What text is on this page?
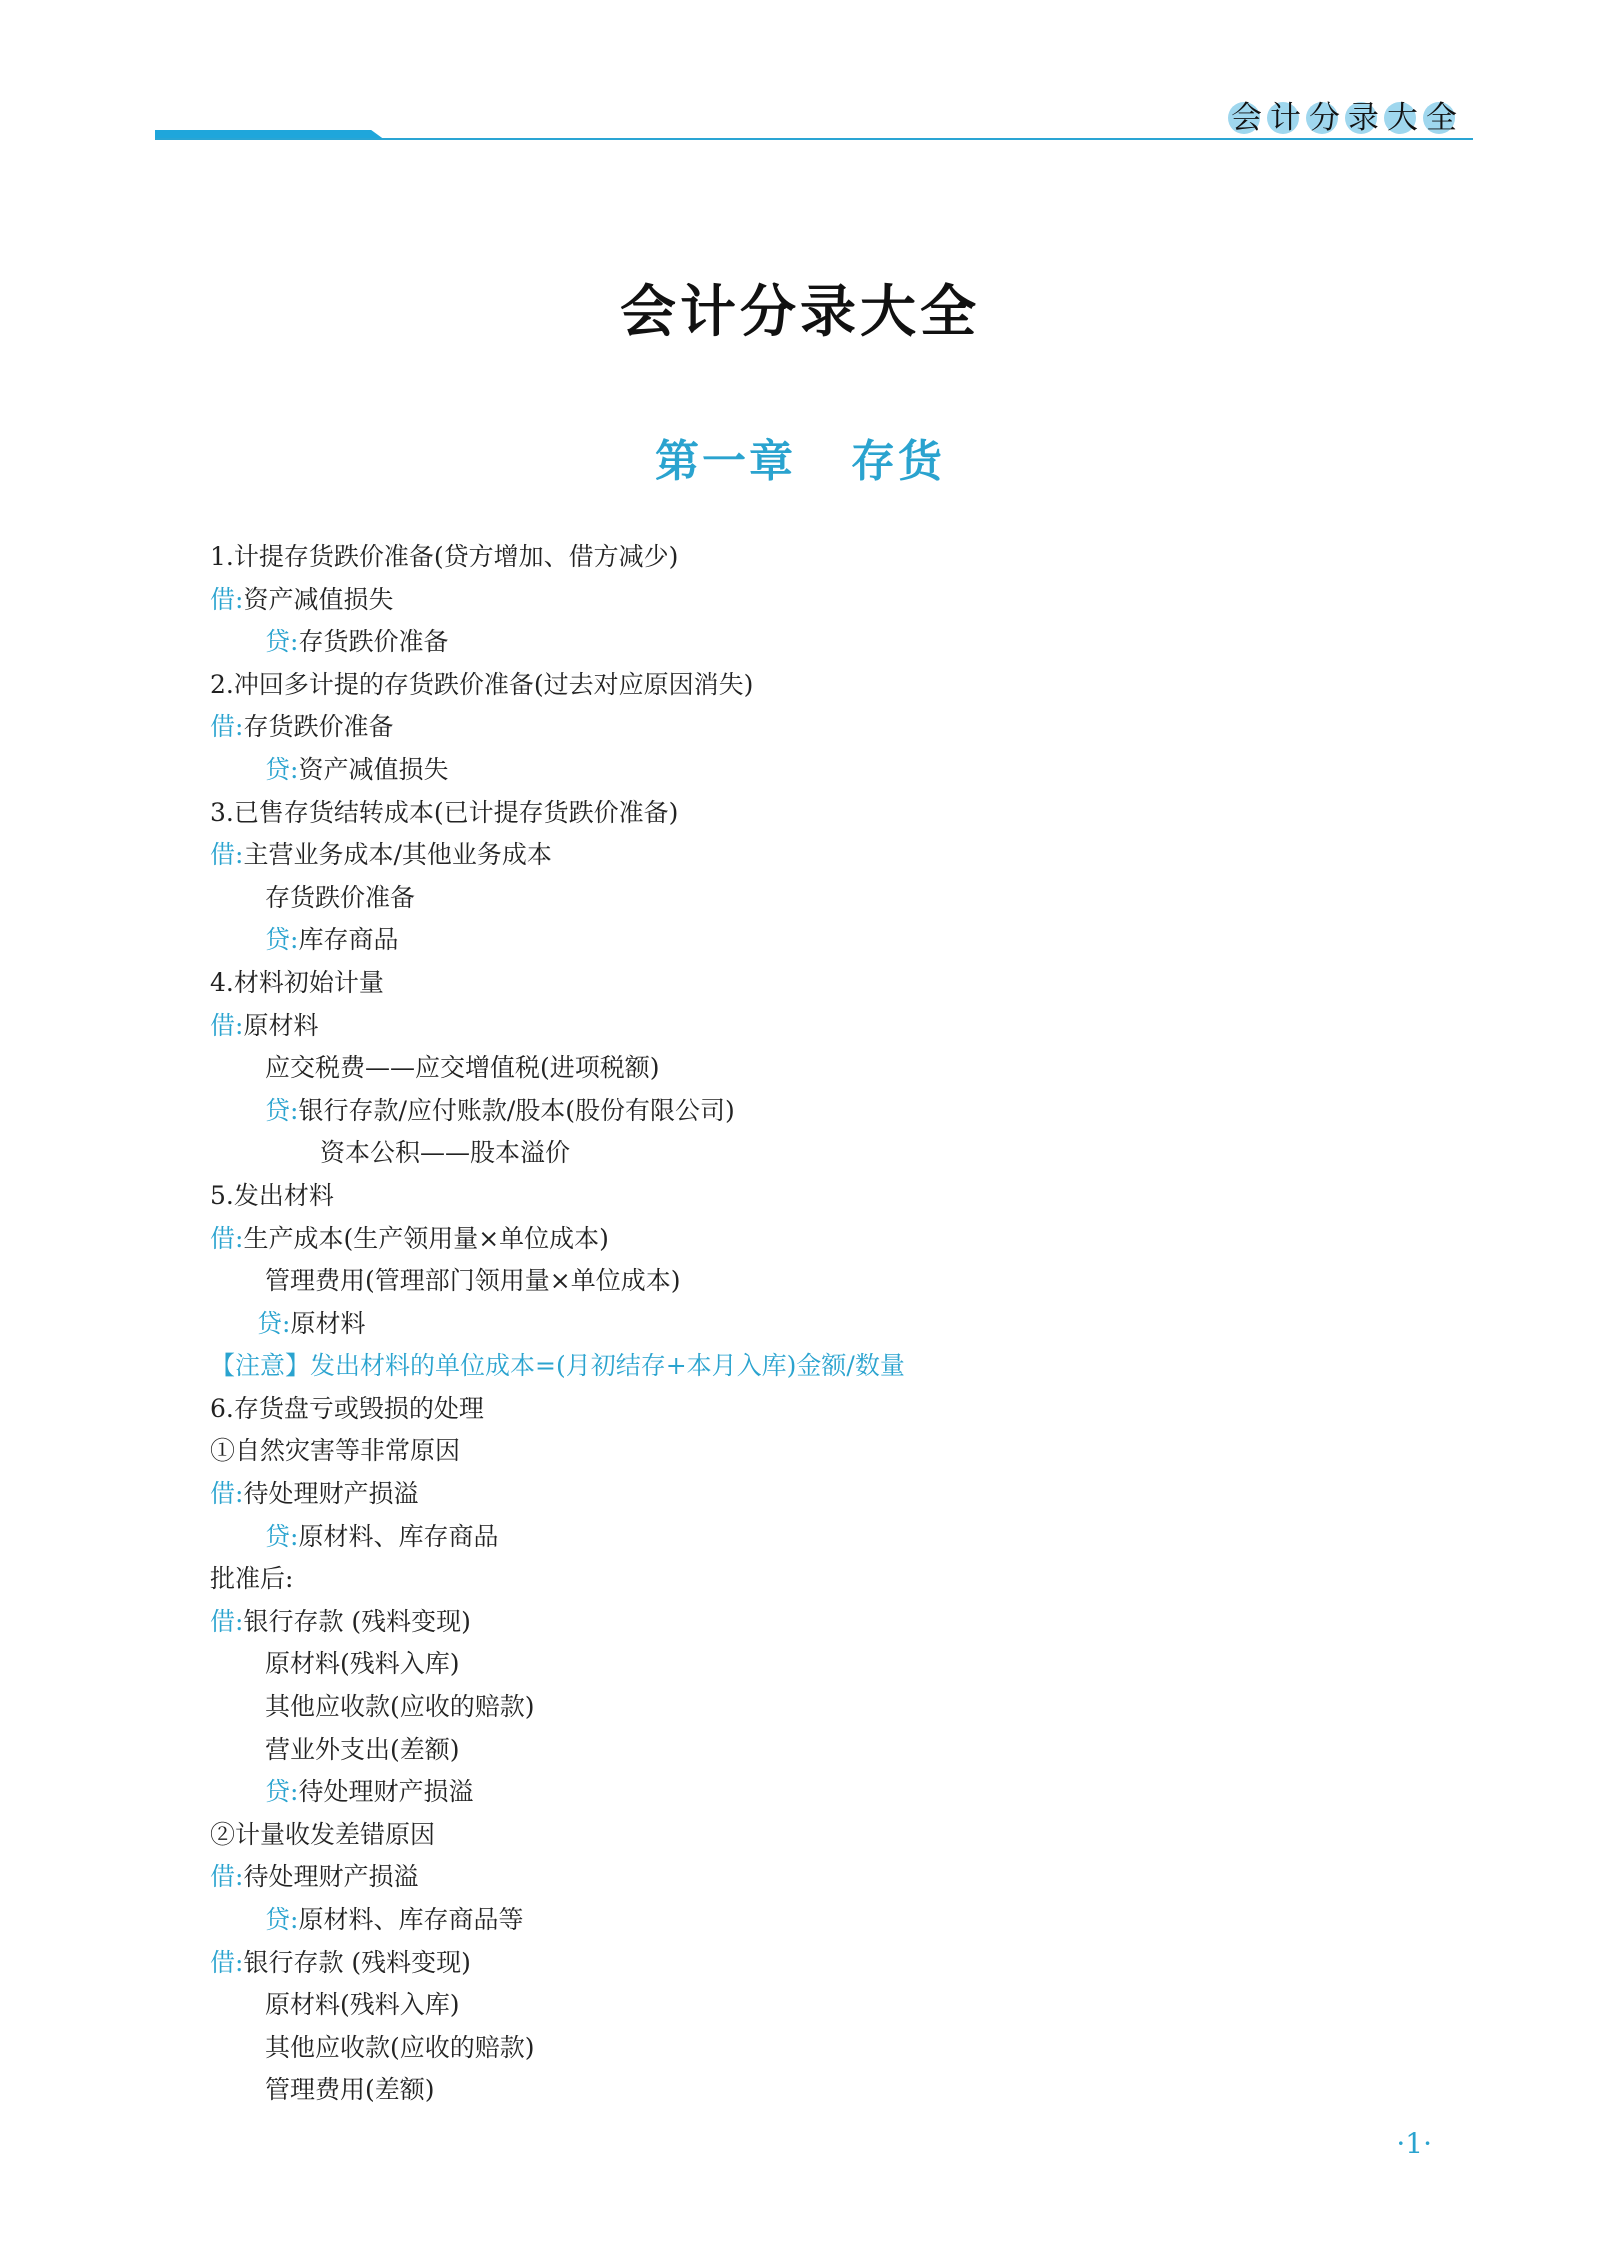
会计分录大全
会计分录大全
第一章 存货
1.计提存货跌价准备(贷方增加、借方减少)
借:资产减值损失
贷:存货跌价准备
2.冲回多计提的存货跌价准备(过去对应原因消失)
借:存货跌价准备
贷:资产减值损失
3.已售存货结转成本(已计提存货跌价准备)
借:主营业务成本/其他业务成本
存货跌价准备
贷:库存商品
4.材料初始计量
借:原材料
应交税费——应交增值税(进项税额)
贷:银行存款/应付账款/股本(股份有限公司)
资本公积——股本溢价
5.发出材料
借:生产成本(生产领用量×单位成本)
管理费用(管理部门领用量×单位成本)
贷:原材料
【注意】发出材料的单位成本=(月初结存+本月入库)金额/数量
6.存货盘亏或毁损的处理
①自然灾害等非常原因
借:待处理财产损溢
贷:原材料、库存商品
批准后:
借:银行存款 (残料变现)
原材料(残料入库)
其他应收款(应收的赔款)
营业外支出(差额)
贷:待处理财产损溢
②计量收发差错原因
借:待处理财产损溢
贷:原材料、库存商品等
借:银行存款 (残料变现)
原材料(残料入库)
其他应收款(应收的赔款)
管理费用(差额)
·1·
